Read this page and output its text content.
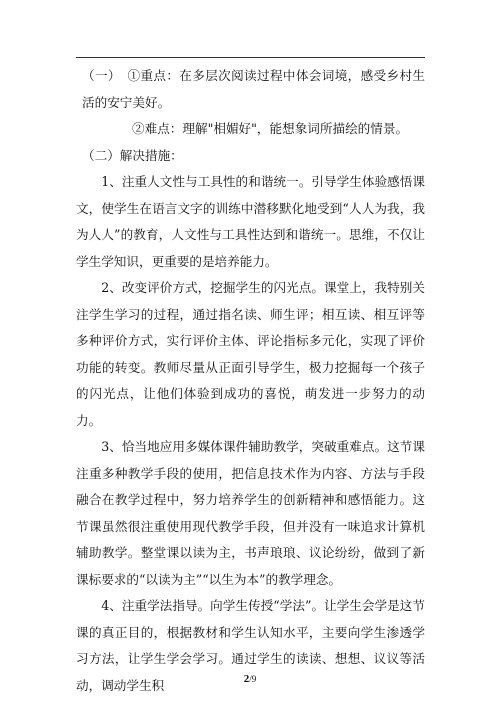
（一）　①重点：在多层次阅读过程中体会词境，感受乡村生活的安宁美好。

②难点：理解"相媚好"，能想象词所描绘的情景。

（二）解决措施：

1、注重人文性与工具性的和谐统一。引导学生体验感悟课文，使学生在语言文字的训练中潜移默化地受到“人人为我，我为人人”的教育，人文性与工具性达到和谐统一。思维，不仅让学生学知识，更重要的是培养能力。

2、改变评价方式，挖掘学生的闪光点。课堂上，我特别关注学生学习的过程，通过指名读、师生评；相互读、相互评等多种评价方式，实行评价主体、评论指标多元化，实现了评价功能的转变。教师尽量从正面引导学生，极力挖掘每一个孩子的闪光点，让他们体验到成功的喜悦，萌发进一步努力的动力。

3、恰当地应用多媒体课件辅助教学，突破重难点。这节课注重多种教学手段的使用，把信息技术作为内容、方法与手段融合在教学过程中，努力培养学生的创新精神和感悟能力。这节课虽然很注重使用现代教学手段，但并没有一味追求计算机辅助教学。整堂课以读为主，书声琅琅、议论纷纷，做到了新课标要求的“以读为主”“以生为本”的教学理念。

4、注重学法指导。向学生传授“学法”。让学生会学是这节课的真正目的，根据教材和学生认知水平，主要向学生渗透学习方法，让学生学会学习。通过学生的读读、想想、议议等活动，调动学生积	2/9
